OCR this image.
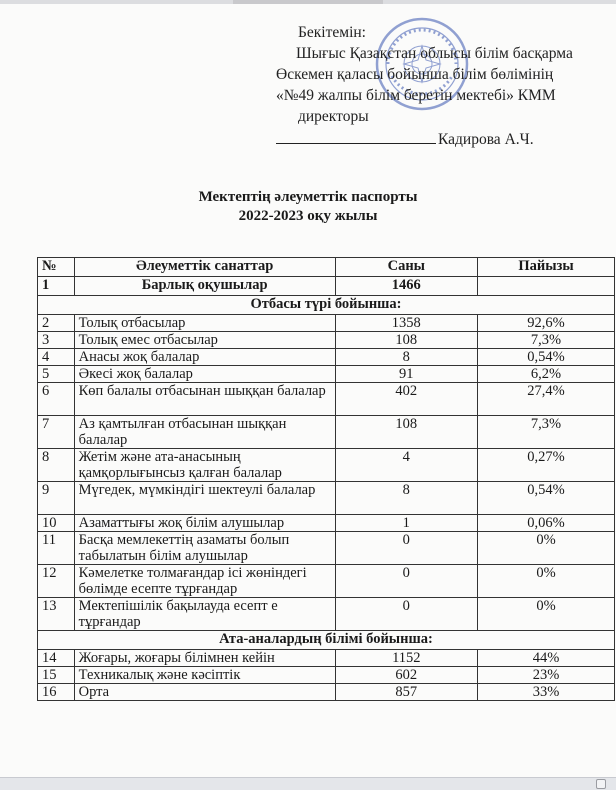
Бекітемін:
Шығыс Қазақстан облысы білім басқарма
Өскемен қаласы бойынша білім бөлімінің
«№49 жалпы білім беретін мектебі» КММ
директоры
Кадирова А.Ч.
Мектептің әлеуметтік паспорты
2022-2023 оқу жылы
№	Әлеуметтік санаттар	Саны	Пайызы
1	Барлық оқушылар	1466	
Отбасы түрі бойынша:			
2	Толық отбасылар	1358	92,6%
3	Толық емес отбасылар	108	7,3%
4	Анасы жоқ балалар	8	0,54%
5	Әкесі жоқ балалар	91	6,2%
6	Көп балалы отбасынан шыққан балалар	402	27,4%
7	Аз қамтылған отбасынан шыққан балалар	108	7,3%
8	Жетім және ата-анасының қамқорлығынсыз қалған балалар	4	0,27%
9	Мүгедек, мүмкіндігі шектеулі балалар	8	0,54%
10	Азаматтығы жоқ білім алушылар	1	0,06%
11	Басқа мемлекеттің азаматы болып табылатын білім алушылар	0	0%
12	Кәмелетке толмағандар ісі жөніндегі бөлімде есепте тұрғандар	0	0%
13	Мектепішілік бақылауда есепт е тұрғандар	0	0%
Ата-аналардың білімі бойынша:			
14	Жоғары, жоғары білімнен кейін	1152	44%
15	Техникалық және кәсіптік	602	23%
16	Орта	857	33%
